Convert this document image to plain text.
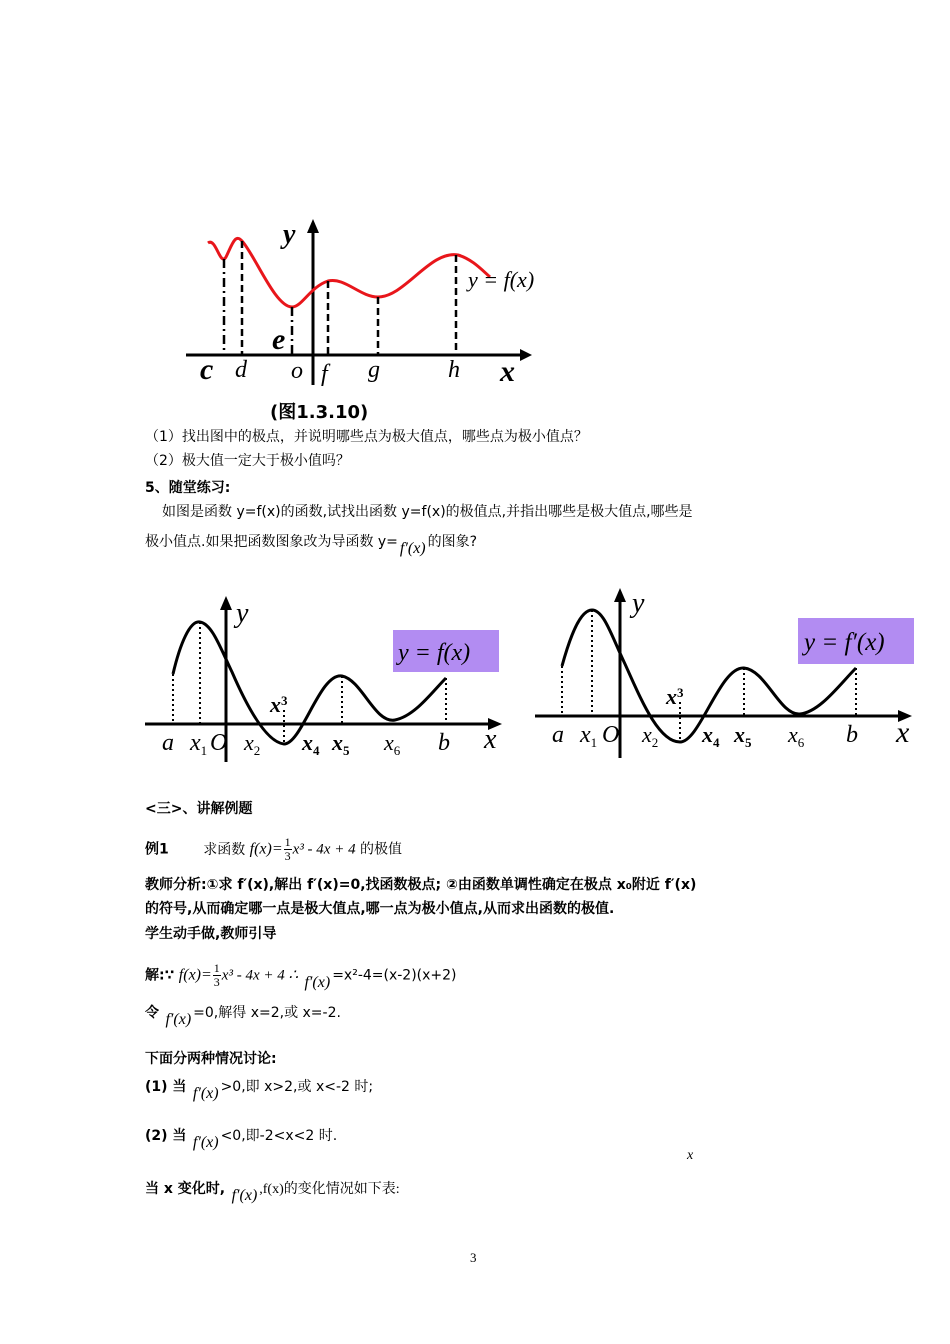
y
x
y = f(x)
c d
e
o f g	h
(图1.3.10)
（1）找出图中的极点，并说明哪些点为极大值点，哪些点为极小值点？
（2）极大值一定大于极小值吗？
5、随堂练习:
如图是函数 y=f(x)的函数,试找出函数 y=f(x)的极值点,并指出哪些是极大值点,哪些是
极小值点.如果把函数图象改为导函数 y= f′(x) 的图象?
y = f(x)
y
x
a $x_1$ O $x_2$
$x^3$
$x_4$ $x_5$ $x_6$ b
y = f′(x)
y
x
a $x_1$ O $x_2$
$x^3$
$x_4$ $x_5$ $x_6$ b
<三>、讲解例题
例1 求函数 $f(x)= \frac{1}{3} x^3 - 4x + 4$ 的极值
教师分析:①求 f′(x),解出 f′(x)=0,找函数极点; ②由函数单调性确定在极点 x₀附近 f′(x)
的符号,从而确定哪一点是极大值点,哪一点为极小值点,从而求出函数的极值.
学生动手做,教师引导
解:∵ $f(x)= \frac{1}{3} x^3 - 4x + 4$ ∴ f′(x) =x²-4=(x-2)(x+2)
令 f′(x) =0,解得 x=2,或 x=-2.
下面分两种情况讨论:
(1) 当 f′(x) >0,即 x>2,或 x<-2 时;
(2) 当 f′(x) <0,即-2<x<2 时.
x
当 x 变化时, f′(x) ,f(x)的变化情况如下表:
3
